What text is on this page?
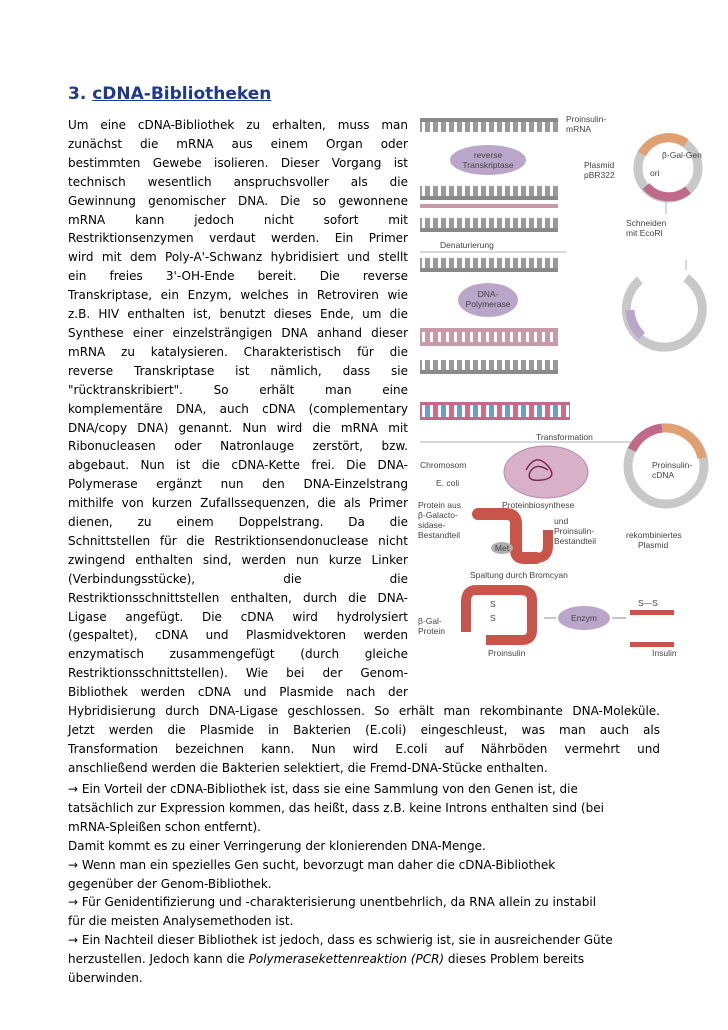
3. cDNA-Bibliotheken

Um eine cDNA-Bibliothek zu erhalten, muss man

zunächst die mRNA aus einem Organ oder

bestimmten Gewebe isolieren. Dieser Vorgang ist

technisch wesentlich anspruchsvoller als die

Gewinnung genomischer DNA. Die so gewonnene

mRNA kann jedoch nicht sofort mit

Restriktionsenzymen verdaut werden. Ein Primer

wird mit dem Poly-A'-Schwanz hybridisiert und stellt

ein freies 3'-OH-Ende bereit. Die reverse

Transkriptase, ein Enzym, welches in Retroviren wie

z.B. HIV enthalten ist, benutzt dieses Ende, um die

Synthese einer einzelsträngigen DNA anhand dieser

mRNA zu katalysieren. Charakteristisch für die

reverse Transkriptase ist nämlich, dass sie

"rücktranskribiert". So erhält man eine

komplementäre DNA, auch cDNA (complementary

DNA/copy DNA) genannt. Nun wird die mRNA mit

Ribonucleasen oder Natronlauge zerstört, bzw.

abgebaut. Nun ist die cDNA-Kette frei. Die DNA-

Polymerase ergänzt nun den DNA-Einzelstrang

mithilfe von kurzen Zufallssequenzen, die als Primer

dienen, zu einem Doppelstrang. Da die

Schnittstellen für die Restriktionsendonuclease nicht

zwingend enthalten sind, werden nun kurze Linker

(Verbindungsstücke), die die

Restriktionsschnittstellen enthalten, durch die DNA-

Ligase angefügt. Die cDNA wird hydrolysiert

(gespaltet), cDNA und Plasmidvektoren werden

enzymatisch zusammengefügt (durch gleiche

Restriktionsschnittstellen). Wie bei der Genom-

Bibliothek werden cDNA und Plasmide nach der

Hybridisierung durch DNA-Ligase geschlossen. So erhält man rekombinante DNA-Moleküle.

Jetzt werden die Plasmide in Bakterien (E.coli) eingeschleust, was man auch als

Transformation bezeichnen kann. Nun wird E.coli auf Nährböden vermehrt und

anschließend werden die Bakterien selektiert, die Fremd-DNA-Stücke enthalten.

→ Ein Vorteil der cDNA-Bibliothek ist, dass sie eine Sammlung von den Genen ist, die

tatsächlich zur Expression kommen, das heißt, dass z.B. keine Introns enthalten sind (bei

mRNA-Spleißen schon entfernt).

Damit kommt es zu einer Verringerung der klonierenden DNA-Menge.

→ Wenn man ein spezielles Gen sucht, bevorzugt man daher die cDNA-Bibliothek

gegenüber der Genom-Bibliothek.

→ Für Genidentifizierung und -charakterisierung unentbehrlich, da RNA allein zu instabil

für die meisten Analysemethoden ist.

→ Ein Nachteil dieser Bibliothek ist jedoch, dass es schwierig ist, sie in ausreichender Güte

herzustellen. Jedoch kann die Polymerasekettenreaktion (PCR) dieses Problem bereits

überwinden.

reverse
Transkriptase
Denaturierung
DNA-
Polymerase
Proinsulin-
mRNA
Plasmid
pBR322
β-Gal-Gen
ori
Schneiden
mit EcoRI
Transformation
Proinsulin-
cDNA
rekombiniertes
Plasmid
Chromosom
E. coli
Proteinbiosynthese
Met
Protein aus
β-Galacto-
sidase-
Bestandteil
und
Proinsulin-
Bestandteil
Spaltung durch Bromcyan
S
S
β-Gal-
Protein
Proinsulin
Enzym
S—S
Insulin
